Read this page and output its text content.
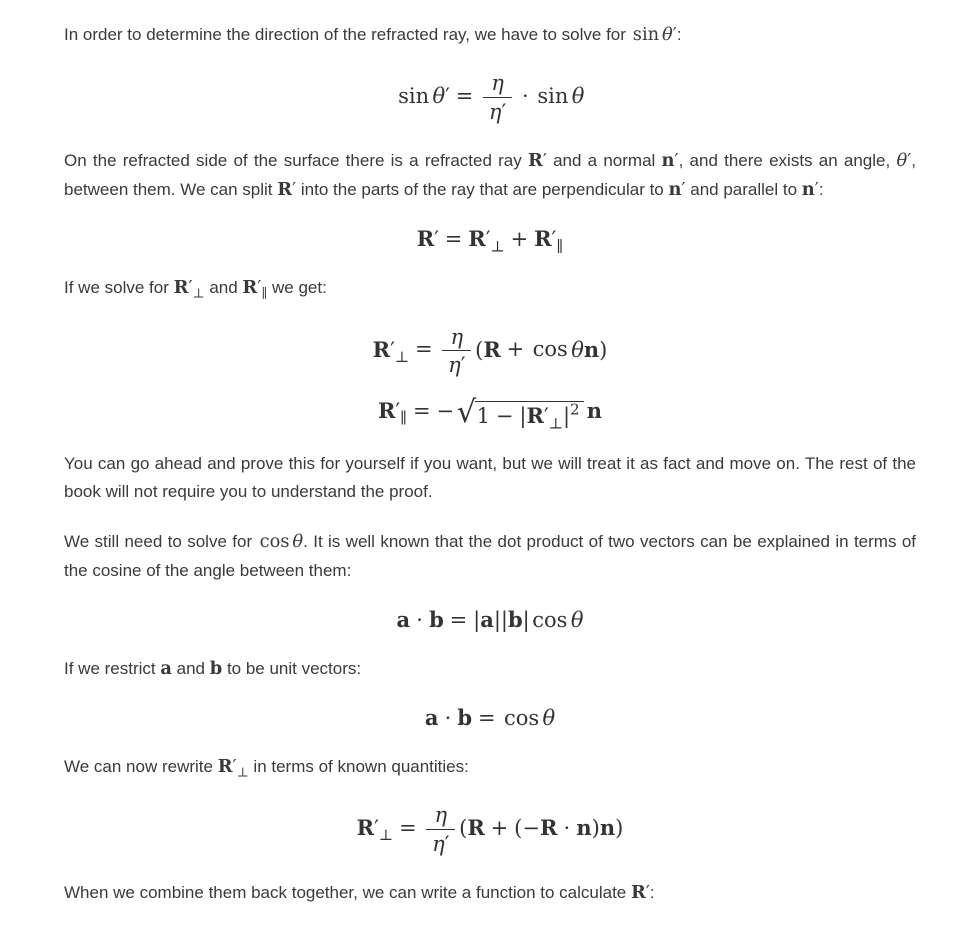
In order to determine the direction of the refracted ray, we have to solve for sin θ′:

$\sin \theta' = \frac{\eta}{\eta'} \cdot \sin \theta$

On the refracted side of the surface there is a refracted ray R′ and a normal n′, and there exists an angle, θ′, between them. We can split R′ into the parts of the ray that are perpendicular to n′ and parallel to n′:

$R' = R'_\perp + R'_\parallel$

If we solve for $R'_\perp$ and $R'_\parallel$ we get:

$R'_\perp = \frac{\eta}{\eta'} (R + \cos \theta n)$
$R'_\parallel$ = − √ $1 - |R'_\perp|^2$ n

You can go ahead and prove this for yourself if you want, but we will treat it as fact and move on. The rest of the book will not require you to understand the proof.

We still need to solve for cos θ. It is well known that the dot product of two vectors can be explained in terms of the cosine of the angle between them:

a ⋅ b = |a||b| cos θ

If we restrict a and b to be unit vectors:

a ⋅ b = cos θ

We can now rewrite $R'_\perp$ in terms of known quantities:

$R'_\perp = \frac{\eta}{\eta'} (R + (-R \cdot n)n)$

When we combine them back together, we can write a function to calculate R′:
